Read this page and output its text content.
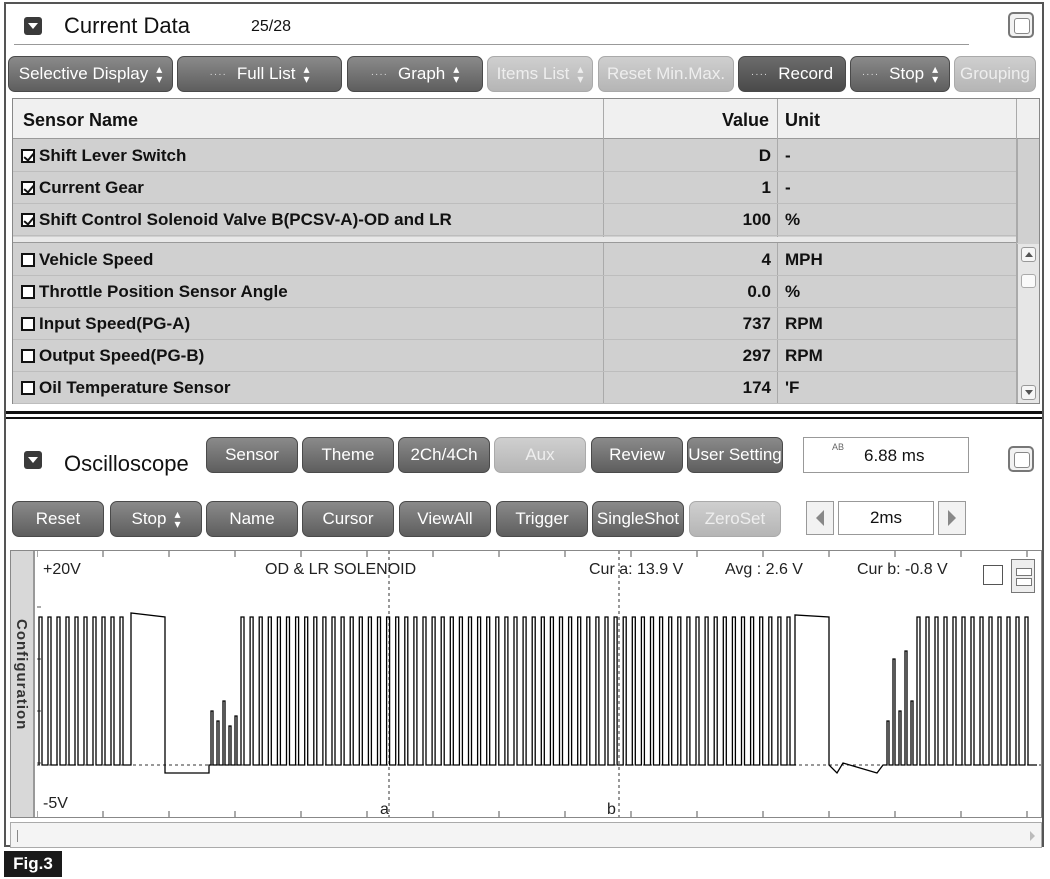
Current Data	25/28
Selective Display ▴
▾	···· Full List ▴
▾	···· Graph ▴
▾ Items List ▴
▾ Reset Min.Max.	···· Record	···· Stop ▴
▾ Grouping
Sensor Name	Value Unit
Shift Lever Switch	D -
Current Gear	1 -
Shift Control Solenoid Valve B(PCSV-A)-OD and LR	100 %
Vehicle Speed	4 MPH
Throttle Position Sensor Angle	0.0 %
Input Speed(PG-A)	737 RPM
Output Speed(PG-B)	297 RPM
Oil Temperature Sensor	174 'F
Oscilloscope Sensor	Theme 2Ch/4Ch	Aux	Review User Setting	AB 6.88 ms
Reset	Stop ▴
▾	Name	Cursor	ViewAll	Trigger SingleShot ZeroSet	2ms
Configuration
+20V	OD & LR SOLENOID	Cur a: 13.9 V	Avg : 2.6 V	Cur b: -0.8 V
-5V	a	b
Fig.3
